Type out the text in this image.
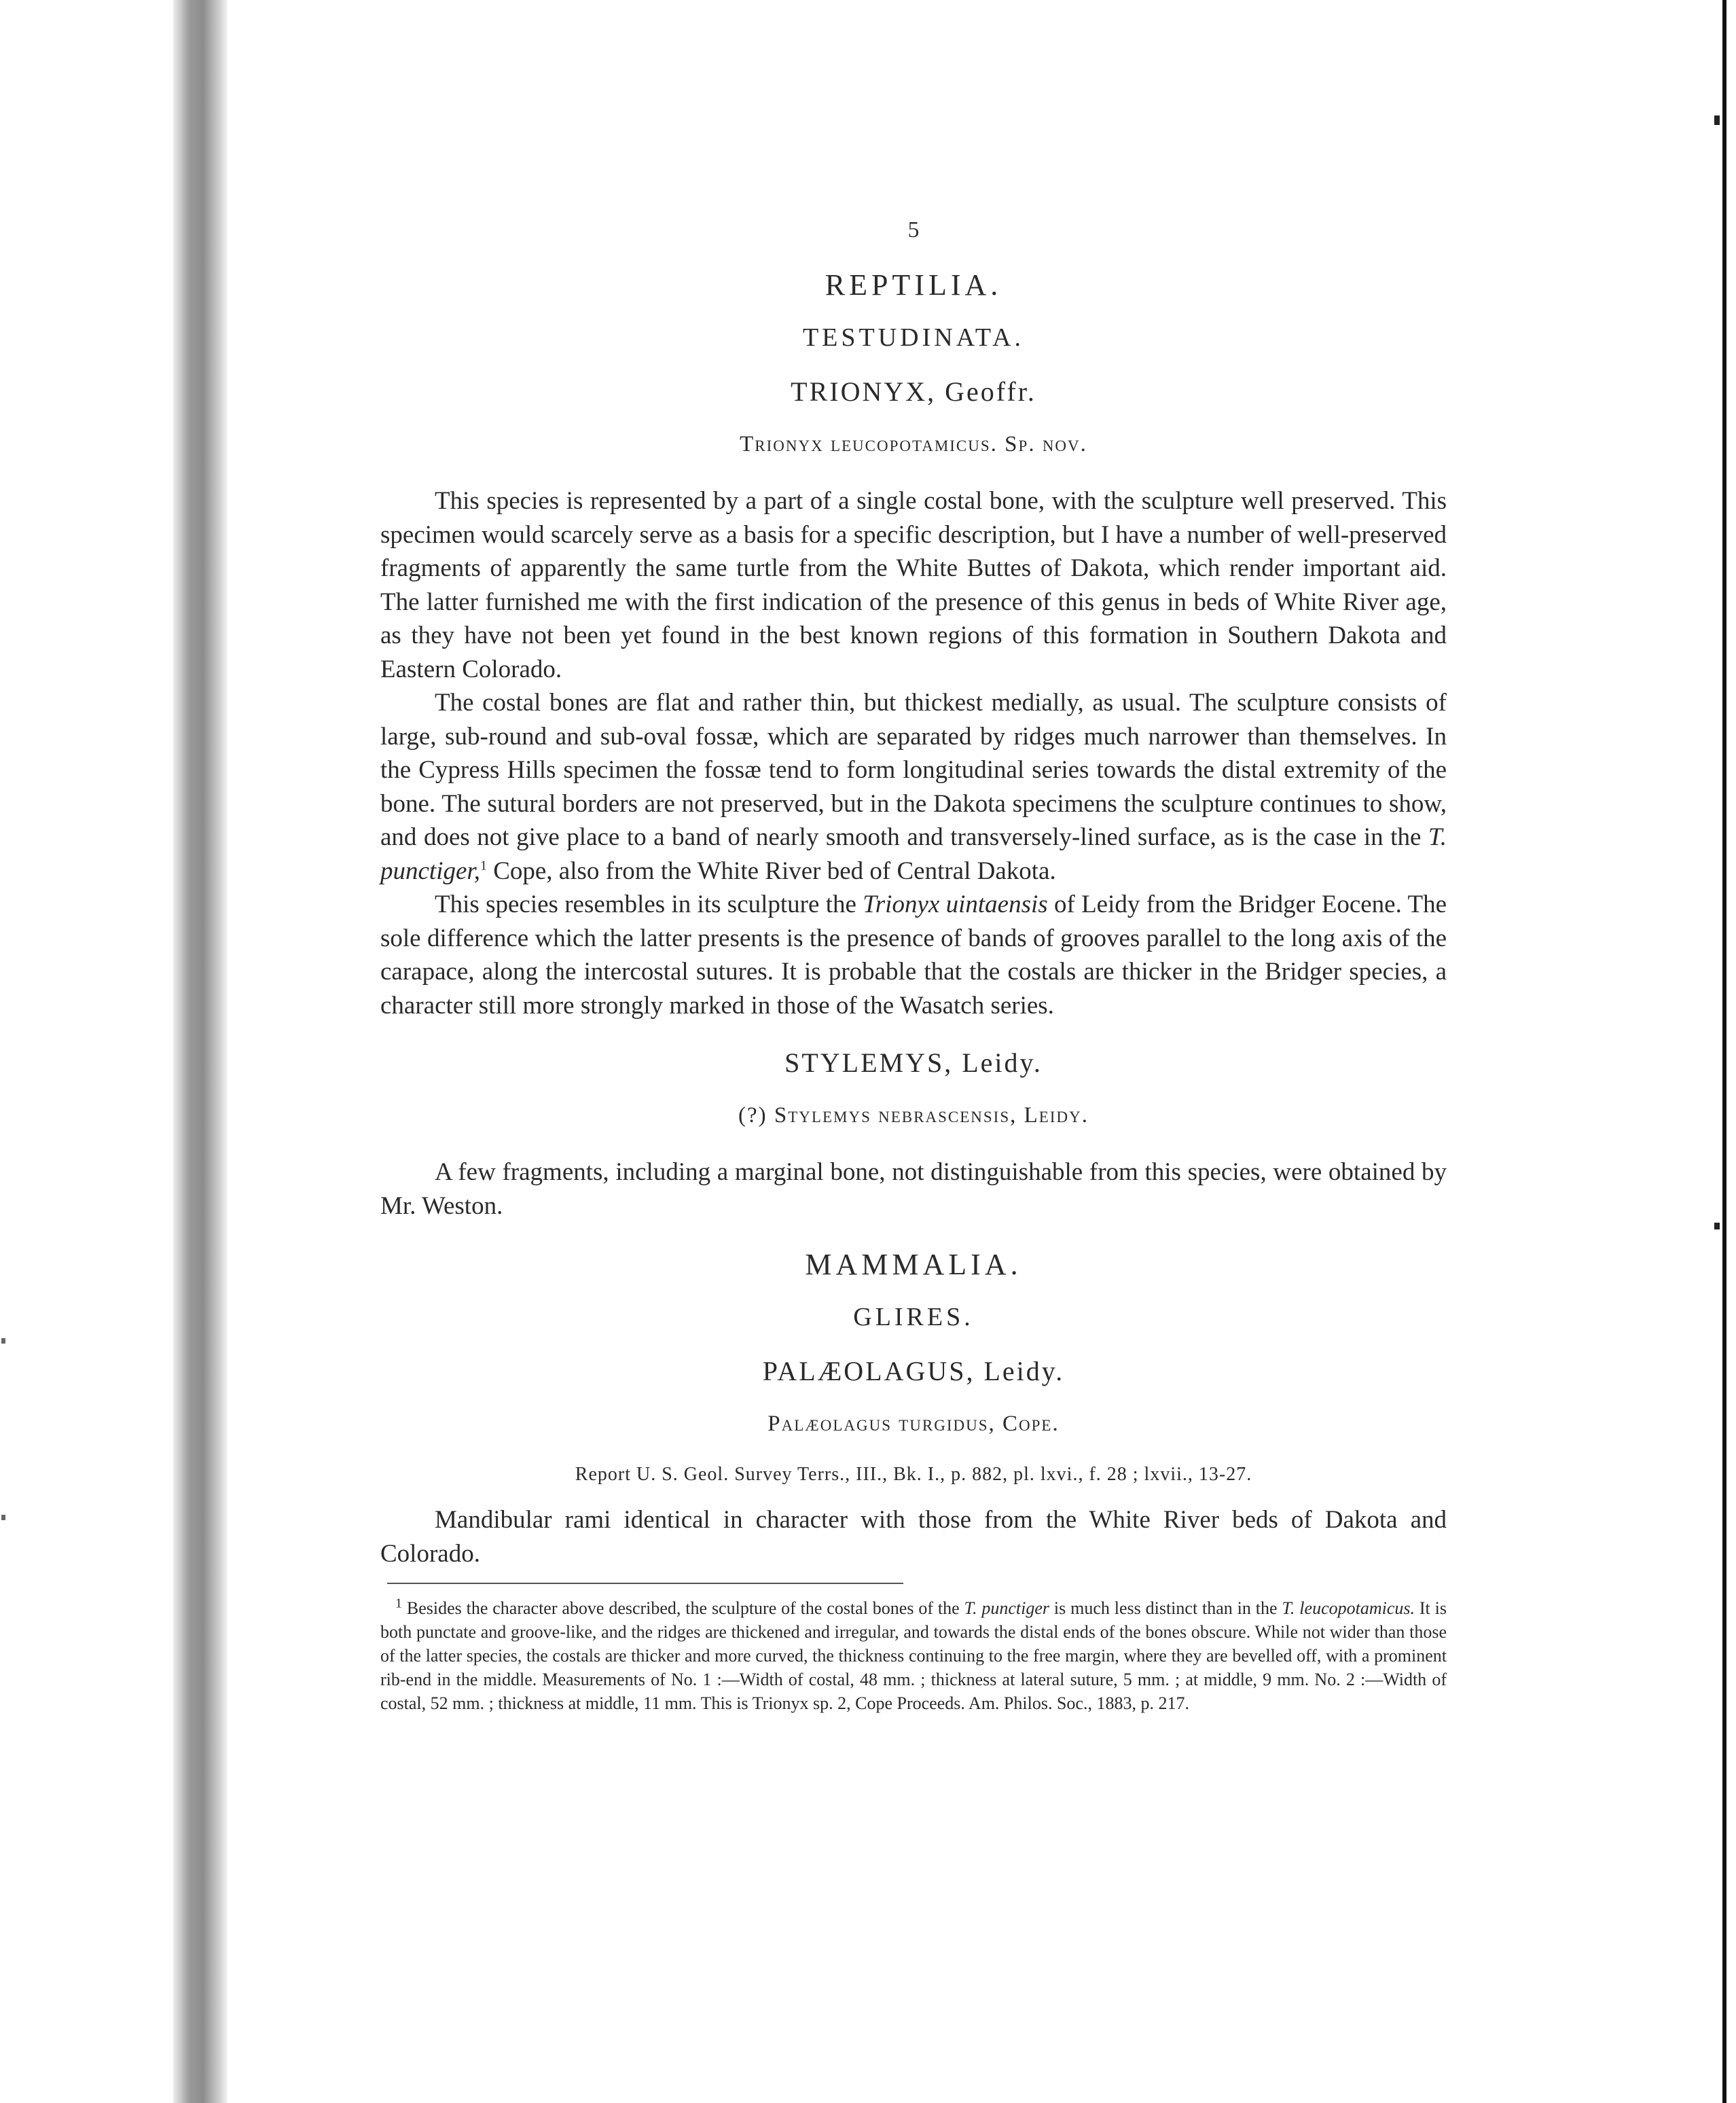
5
REPTILIA.
TESTUDINATA.
TRIONYX, Geoffr.
Trionyx leucopotamicus. Sp. nov.

This species is represented by a part of a single costal bone, with the sculpture well preserved. This specimen would scarcely serve as a basis for a specific description, but I have a number of well-preserved fragments of apparently the same turtle from the White Buttes of Dakota, which render important aid. The latter furnished me with the first indication of the presence of this genus in beds of White River age, as they have not been yet found in the best known regions of this formation in Southern Dakota and Eastern Colorado.

The costal bones are flat and rather thin, but thickest medially, as usual. The sculpture consists of large, sub-round and sub-oval fossæ, which are separated by ridges much narrower than themselves. In the Cypress Hills specimen the fossæ tend to form longitudinal series towards the distal extremity of the bone. The sutural borders are not preserved, but in the Dakota specimens the sculpture continues to show, and does not give place to a band of nearly smooth and transversely-lined surface, as is the case in the T. punctiger,$^1$ Cope, also from the White River bed of Central Dakota.

This species resembles in its sculpture the Trionyx uintaensis of Leidy from the Bridger Eocene. The sole difference which the latter presents is the presence of bands of grooves parallel to the long axis of the carapace, along the intercostal sutures. It is probable that the costals are thicker in the Bridger species, a character still more strongly marked in those of the Wasatch series.

STYLEMYS, Leidy.
(?) Stylemys nebrascensis, Leidy.

A few fragments, including a marginal bone, not distinguishable from this species, were obtained by Mr. Weston.

MAMMALIA.
GLIRES.
PALÆOLAGUS, Leidy.
Palæolagus turgidus, Cope.
Report U. S. Geol. Survey Terrs., III., Bk. I., p. 882, pl. lxvi., f. 28 ; lxvii., 13-27.

Mandibular rami identical in character with those from the White River beds of Dakota and Colorado.

$^1$ Besides the character above described, the sculpture of the costal bones of the T. punctiger is much less distinct than in the T. leucopotamicus. It is both punctate and groove-like, and the ridges are thickened and irregular, and towards the distal ends of the bones obscure. While not wider than those of the latter species, the costals are thicker and more curved, the thickness continuing to the free margin, where they are bevelled off, with a prominent rib-end in the middle. Measurements of No. 1 :—Width of costal, 48 mm. ; thickness at lateral suture, 5 mm. ; at middle, 9 mm. No. 2 :—Width of costal, 52 mm. ; thickness at middle, 11 mm. This is Trionyx sp. 2, Cope Proceeds. Am. Philos. Soc., 1883, p. 217.
